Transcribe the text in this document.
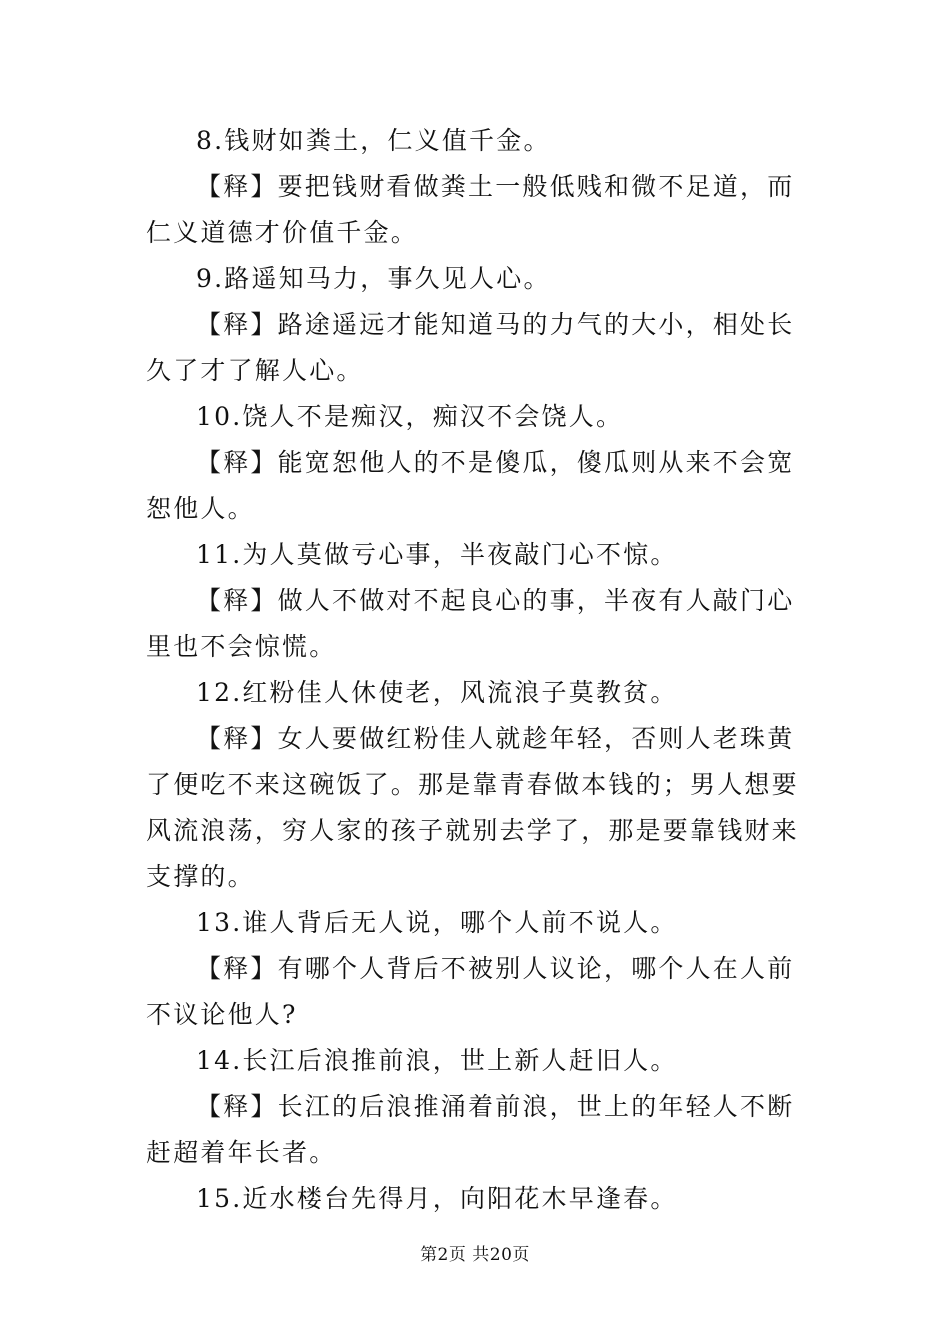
8.钱财如粪土，仁义值千金。

【释】要把钱财看做粪土一般低贱和微不足道，而仁义道德才价值千金。

9.路遥知马力，事久见人心。

【释】路途遥远才能知道马的力气的大小，相处长久了才了解人心。

10.饶人不是痴汉，痴汉不会饶人。

【释】能宽恕他人的不是傻瓜，傻瓜则从来不会宽恕他人。

11.为人莫做亏心事，半夜敲门心不惊。

【释】做人不做对不起良心的事，半夜有人敲门心里也不会惊慌。

12.红粉佳人休使老，风流浪子莫教贫。

【释】女人要做红粉佳人就趁年轻，否则人老珠黄了便吃不来这碗饭了。那是靠青春做本钱的；男人想要风流浪荡，穷人家的孩子就别去学了，那是要靠钱财来支撑的。

13.谁人背后无人说，哪个人前不说人。

【释】有哪个人背后不被别人议论，哪个人在人前不议论他人?

14.长江后浪推前浪，世上新人赶旧人。

【释】长江的后浪推涌着前浪，世上的年轻人不断赶超着年长者。

15.近水楼台先得月，向阳花木早逢春。

第2页 共20页
